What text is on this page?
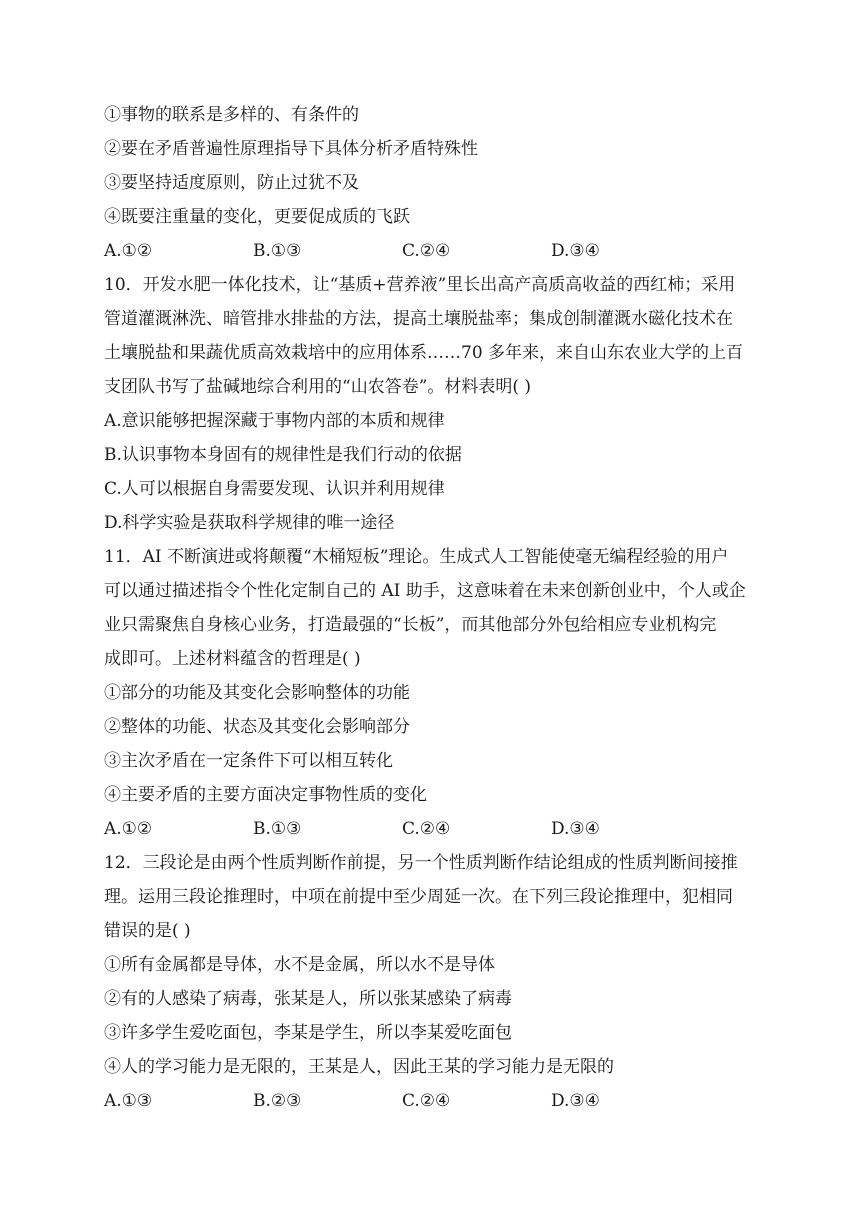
①事物的联系是多样的、有条件的
②要在矛盾普遍性原理指导下具体分析矛盾特殊性
③要坚持适度原则，防止过犹不及
④既要注重量的变化，更要促成质的飞跃
A.①②	B.①③	C.②④	D.③④
10．开发水肥一体化技术，让“基质+营养液”里长出高产高质高收益的西红柿；采用
管道灌溉淋洗、暗管排水排盐的方法，提高土壤脱盐率；集成创制灌溉水磁化技术在
土壤脱盐和果蔬优质高效栽培中的应用体系……70 多年来，来自山东农业大学的上百
支团队书写了盐碱地综合利用的“山农答卷”。材料表明( )
A.意识能够把握深藏于事物内部的本质和规律
B.认识事物本身固有的规律性是我们行动的依据
C.人可以根据自身需要发现、认识并利用规律
D.科学实验是获取科学规律的唯一途径
11．AI 不断演进或将颠覆“木桶短板”理论。生成式人工智能使毫无编程经验的用户
可以通过描述指令个性化定制自己的 AI 助手，这意味着在未来创新创业中，个人或企
业只需聚焦自身核心业务，打造最强的“长板”，而其他部分外包给相应专业机构完
成即可。上述材料蕴含的哲理是( )
①部分的功能及其变化会影响整体的功能
②整体的功能、状态及其变化会影响部分
③主次矛盾在一定条件下可以相互转化
④主要矛盾的主要方面决定事物性质的变化
A.①②	B.①③	C.②④	D.③④
12．三段论是由两个性质判断作前提，另一个性质判断作结论组成的性质判断间接推
理。运用三段论推理时，中项在前提中至少周延一次。在下列三段论推理中，犯相同
错误的是( )
①所有金属都是导体，水不是金属，所以水不是导体
②有的人感染了病毒，张某是人，所以张某感染了病毒
③许多学生爱吃面包，李某是学生，所以李某爱吃面包
④人的学习能力是无限的，王某是人，因此王某的学习能力是无限的
A.①③	B.②③	C.②④	D.③④
